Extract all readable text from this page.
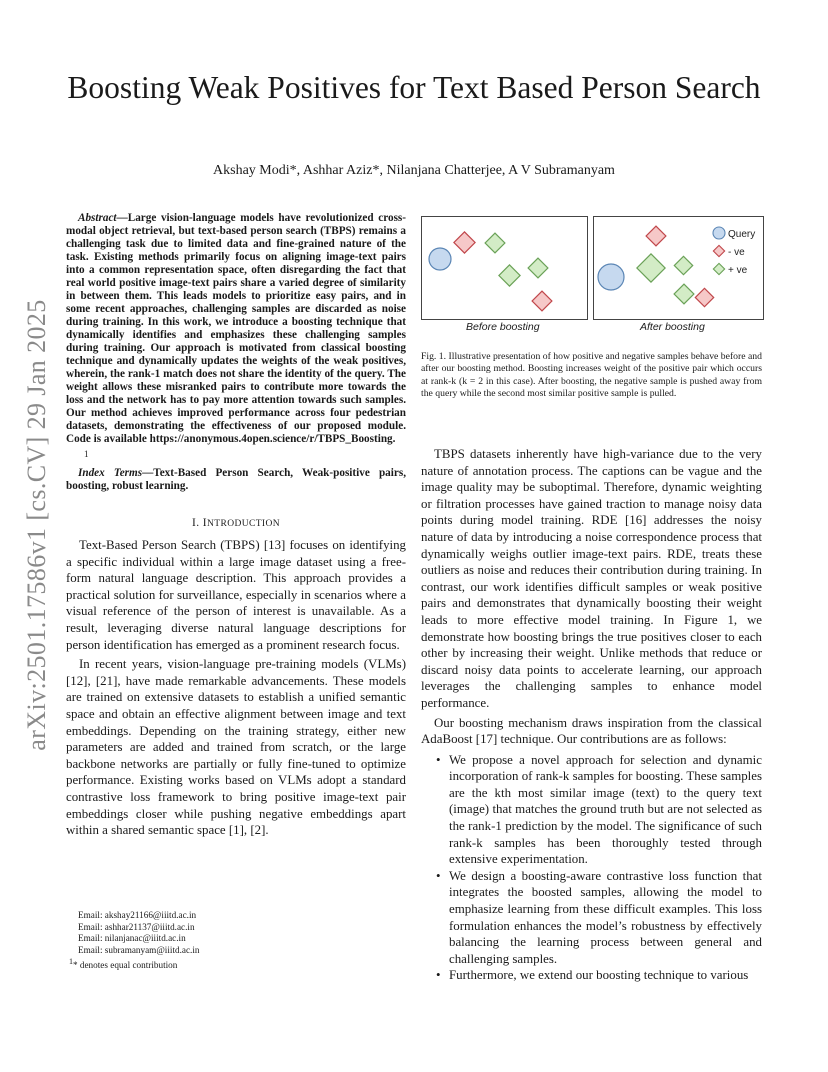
arXiv:2501.17586v1 [cs.CV] 29 Jan 2025
Boosting Weak Positives for Text Based Person Search
Akshay Modi*, Ashhar Aziz*, Nilanjana Chatterjee, A V Subramanyam

Abstract—Large vision-language models have revolutionized cross-modal object retrieval, but text-based person search (TBPS) remains a challenging task due to limited data and fine-grained nature of the task. Existing methods primarily focus on aligning image-text pairs into a common representation space, often disregarding the fact that real world positive image-text pairs share a varied degree of similarity in between them. This leads models to prioritize easy pairs, and in some recent approaches, challenging samples are discarded as noise during training. In this work, we introduce a boosting technique that dynamically identifies and emphasizes these challenging samples during training. Our approach is motivated from classical boosting technique and dynamically updates the weights of the weak positives, wherein, the rank-1 match does not share the identity of the query. The weight allows these misranked pairs to contribute more towards the loss and the network has to pay more attention towards such samples. Our method achieves improved performance across four pedestrian datasets, demonstrating the effectiveness of our proposed module. Code is available https://anonymous.4open.science/r/TBPS_Boosting.

1

Index Terms—Text-Based Person Search, Weak-positive pairs, boosting, robust learning.

I. INTRODUCTION

Text-Based Person Search (TBPS) [13] focuses on identifying a specific individual within a large image dataset using a free-form natural language description. This approach provides a practical solution for surveillance, especially in scenarios where a visual reference of the person of interest is unavailable. As a result, leveraging diverse natural language descriptions for person identification has emerged as a prominent research focus.

In recent years, vision-language pre-training models (VLMs) [12], [21], have made remarkable advancements. These models are trained on extensive datasets to establish a unified semantic space and obtain an effective alignment between image and text embeddings. Depending on the training strategy, either new parameters are added and trained from scratch, or the large backbone networks are partially or fully fine-tuned to optimize performance. Existing works based on VLMs adopt a standard contrastive loss framework to bring positive image-text pair embeddings closer while pushing negative embeddings apart within a shared semantic space [1], [2].

Email: akshay21166@iiitd.ac.in
Email: ashhar21137@iiitd.ac.in
Email: nilanjanac@iiitd.ac.in
Email: subramanyam@iiitd.ac.in
$^1$* denotes equal contribution
Query
- ve
+ ve
Before boosting	After boosting
Fig. 1. Illustrative presentation of how positive and negative samples behave before and after our boosting method. Boosting increases weight of the positive pair which occurs at rank-k (k = 2 in this case). After boosting, the negative sample is pushed away from the query while the second most similar positive sample is pulled.

TBPS datasets inherently have high-variance due to the very nature of annotation process. The captions can be vague and the image quality may be suboptimal. Therefore, dynamic weighting or filtration processes have gained traction to manage noisy data points during model training. RDE [16] addresses the noisy nature of data by introducing a noise correspondence process that dynamically weighs outlier image-text pairs. RDE, treats these outliers as noise and reduces their contribution during training. In contrast, our work identifies difficult samples or weak positive pairs and demonstrates that dynamically boosting their weight leads to more effective model training. In Figure 1, we demonstrate how boosting brings the true positives closer to each other by increasing their weight. Unlike methods that reduce or discard noisy data points to accelerate learning, our approach leverages the challenging samples to enhance model performance.

Our boosting mechanism draws inspiration from the classical AdaBoost [17] technique. Our contributions are as follows:

• We propose a novel approach for selection and dynamic incorporation of rank-k samples for boosting. These samples are the kth most similar image (text) to the query text (image) that matches the ground truth but are not selected as the rank-1 prediction by the model. The significance of such rank-k samples has been thoroughly tested through extensive experimentation.
• We design a boosting-aware contrastive loss function that integrates the boosted samples, allowing the model to emphasize learning from these difficult examples. This loss formulation enhances the model’s robustness by effectively balancing the learning process between general and challenging samples.
• Furthermore, we extend our boosting technique to various
